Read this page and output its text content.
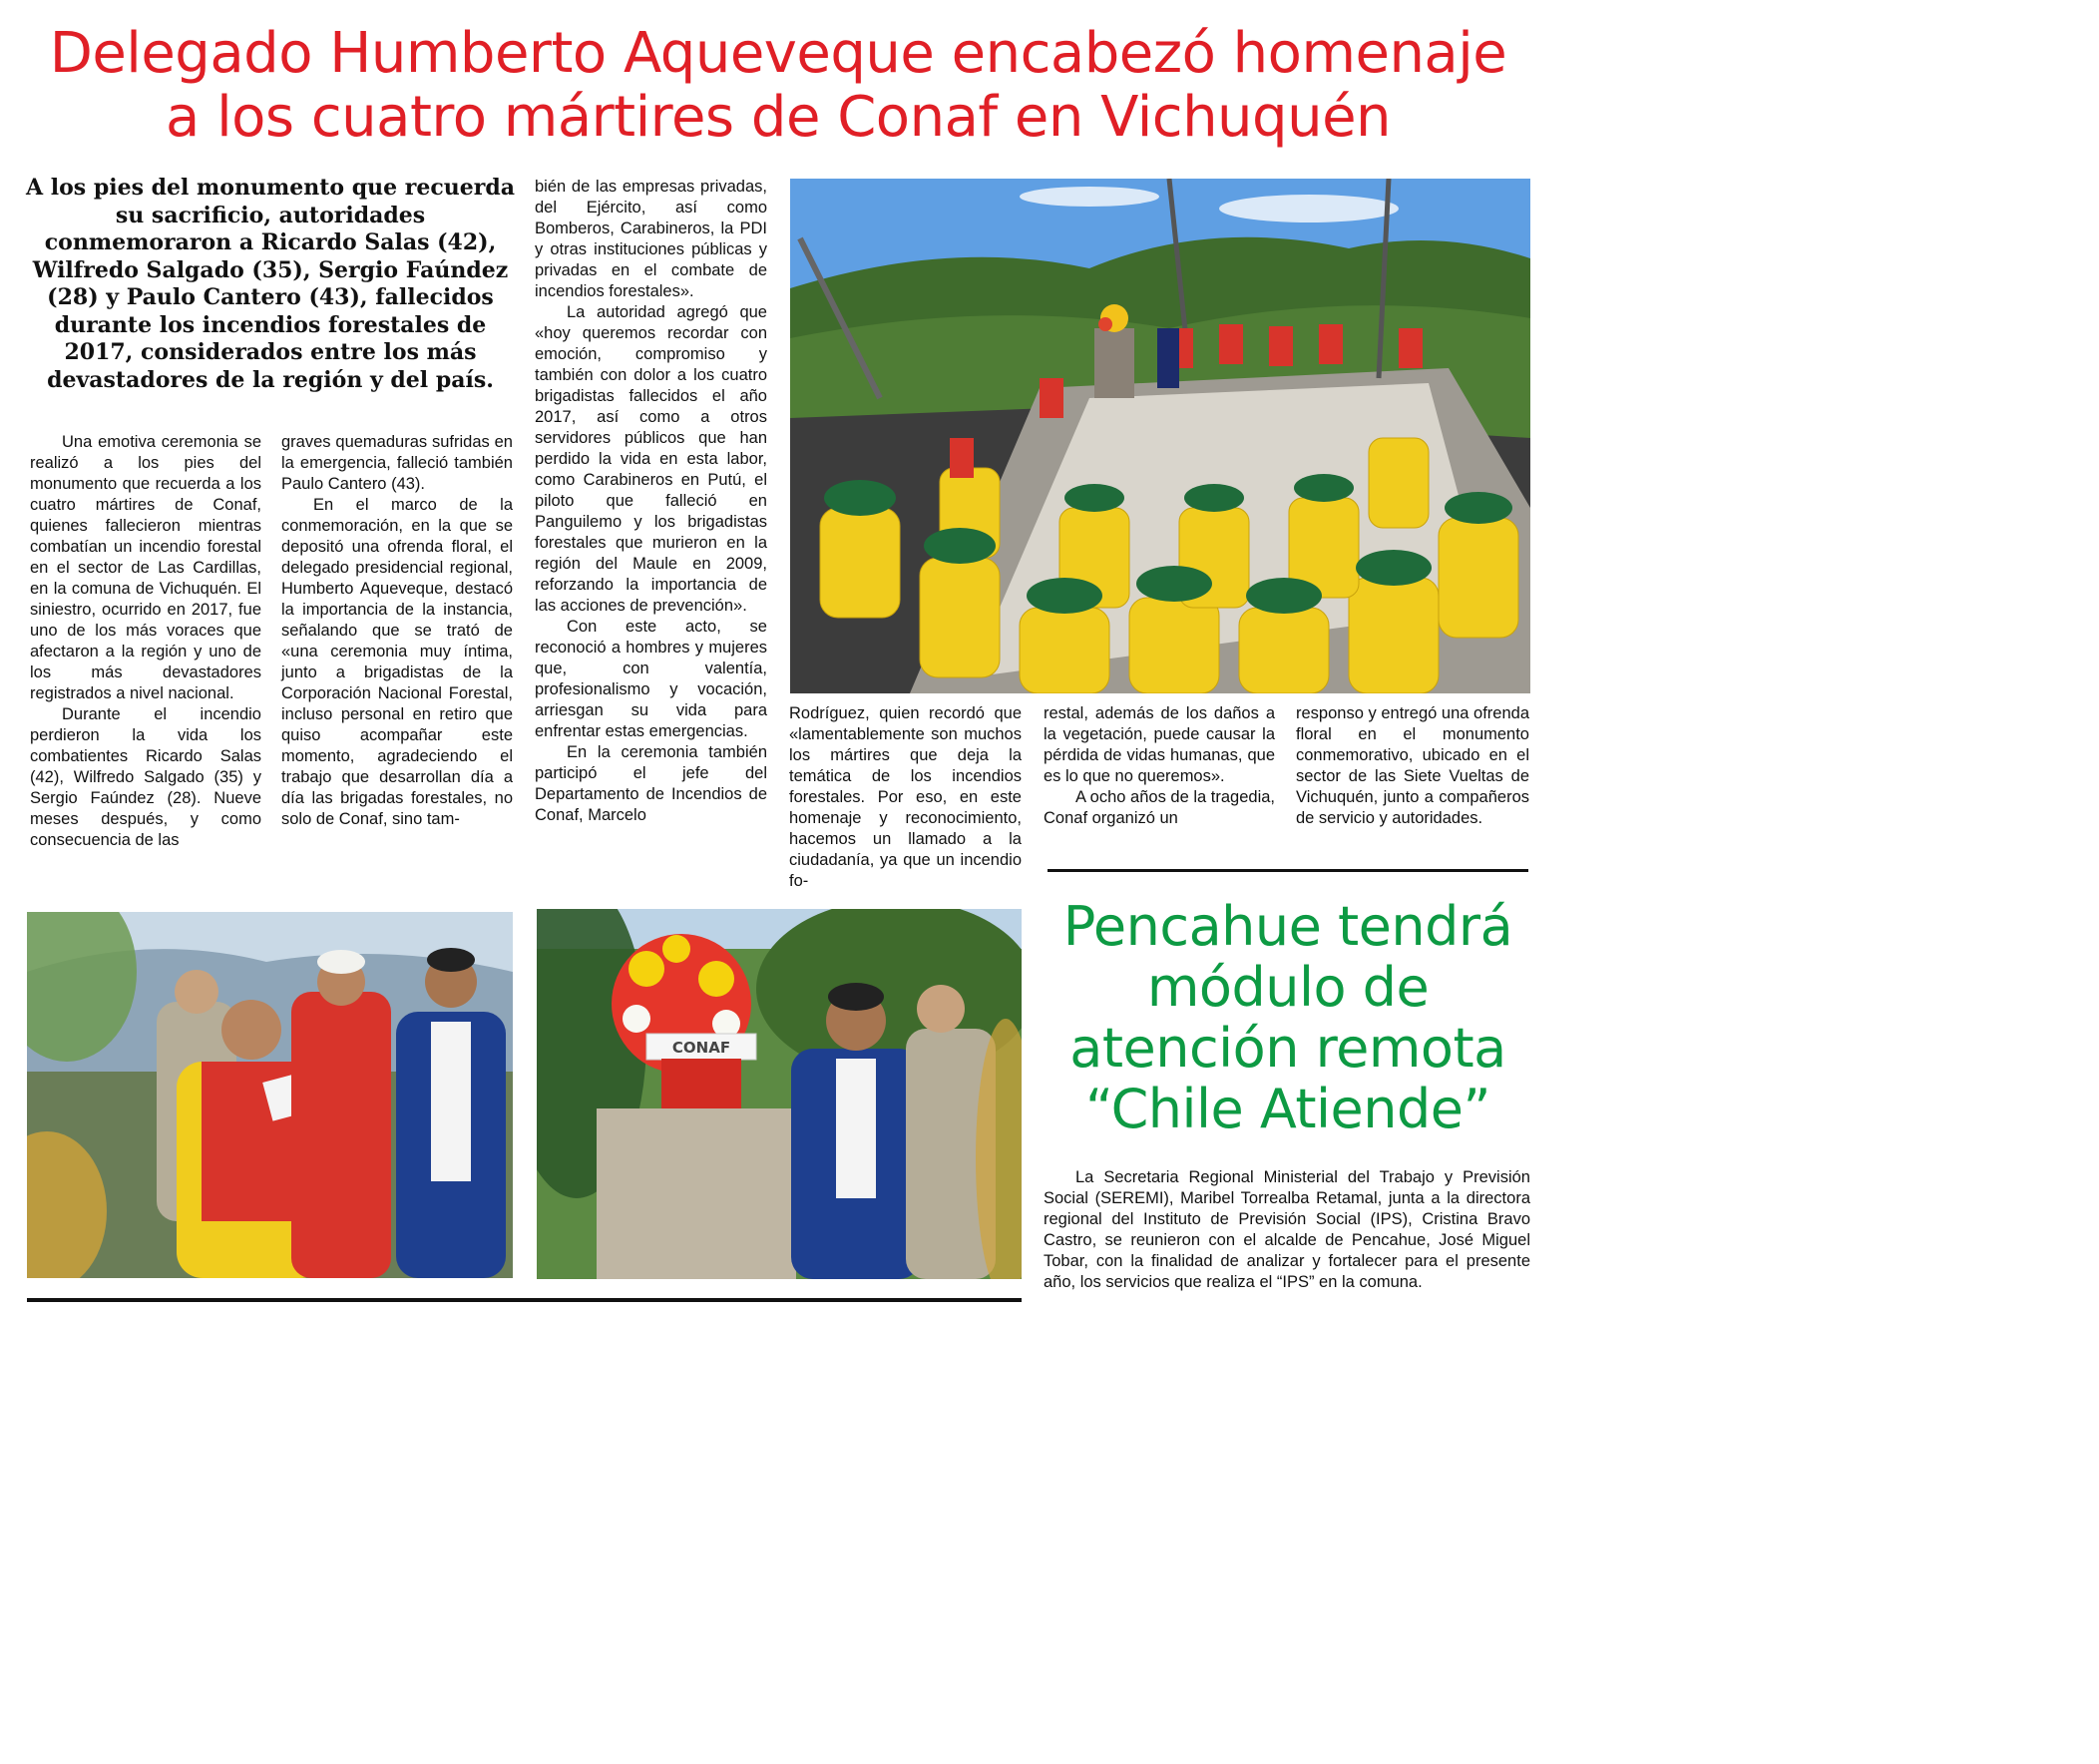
Delegado Humberto Aqueveque encabezó homenaje
a los cuatro mártires de Conaf en Vichuquén
A los pies del monumento que recuerda su sacrificio, autoridades conmemoraron a Ricardo Salas (42), Wilfredo Salgado (35), Sergio Faúndez (28) y Paulo Cantero (43), fallecidos durante los incendios forestales de 2017, considerados entre los más devastadores de la región y del país.

Una emotiva ceremonia se realizó a los pies del monumento que recuerda a los cuatro mártires de Conaf, quienes fallecieron mientras combatían un incendio forestal en el sector de Las Cardillas, en la comuna de Vichuquén. El siniestro, ocurrido en 2017, fue uno de los más voraces que afectaron a la región y uno de los más devastadores registrados a nivel nacional.

Durante el incendio perdieron la vida los combatientes Ricardo Salas (42), Wilfredo Salgado (35) y Sergio Faúndez (28). Nueve meses después, y como consecuencia de las

graves quemaduras sufridas en la emergencia, falleció también Paulo Cantero (43).

En el marco de la conmemoración, en la que se depositó una ofrenda floral, el delegado presidencial regional, Humberto Aqueveque, destacó la importancia de la instancia, señalando que se trató de «una ceremonia muy íntima, junto a brigadistas de la Corporación Nacional Forestal, incluso personal en retiro que quiso acompañar este momento, agradeciendo el trabajo que desarrollan día a día las brigadas forestales, no solo de Conaf, sino tam-

bién de las empresas privadas, del Ejército, así como Bomberos, Carabineros, la PDI y otras instituciones públicas y privadas en el combate de incendios forestales».

La autoridad agregó que «hoy queremos recordar con emoción, compromiso y también con dolor a los cuatro brigadistas fallecidos el año 2017, así como a otros servidores públicos que han perdido la vida en esta labor, como Carabineros en Putú, el piloto que falleció en Panguilemo y los brigadistas forestales que murieron en la región del Maule en 2009, reforzando la importancia de las acciones de prevención».

Con este acto, se reconoció a hombres y mujeres que, con valentía, profesionalismo y vocación, arriesgan su vida para enfrentar estas emergencias.

En la ceremonia también participó el jefe del Departamento de Incendios de Conaf, Marcelo

Rodríguez, quien recordó que «lamentablemente son muchos los mártires que deja la temática de los incendios forestales. Por eso, en este homenaje y reconocimiento, hacemos un llamado a la ciudadanía, ya que un incendio fo-

restal, además de los daños a la vegetación, puede causar la pérdida de vidas humanas, que es lo que no queremos».

A ocho años de la tragedia, Conaf organizó un

responso y entregó una ofrenda floral en el monumento conmemorativo, ubicado en el sector de las Siete Vueltas de Vichuquén, junto a compañeros de servicio y autoridades.

CONAF
Pencahue tendrá
módulo de
atención remota
“Chile Atiende”

La Secretaria Regional Ministerial del Trabajo y Previsión Social (SEREMI), Maribel Torrealba Retamal, junta a la directora regional del Instituto de Previsión Social (IPS), Cristina Bravo Castro, se reunieron con el alcalde de Pencahue, José Miguel Tobar, con la finalidad de analizar y fortalecer para el presente año, los servicios que realiza el “IPS” en la comuna.
